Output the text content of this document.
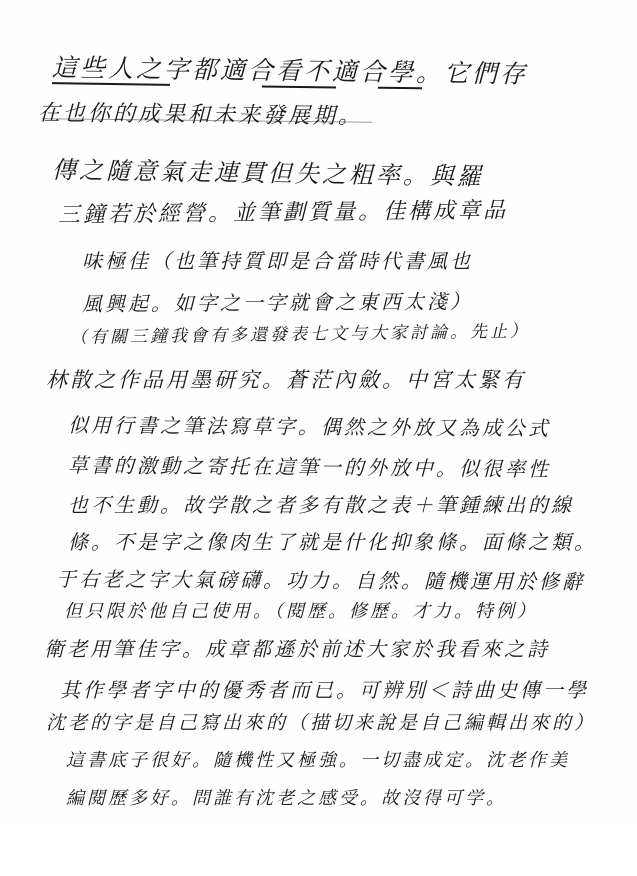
這些人之字都適合看不適合學。它們存
在也你的成果和未来發展期。
傳之隨意氣走連貫但失之粗率。與羅
三鐘若於經營。並筆劃質量。佳構成章品
味極佳（也筆持質即是合當時代書風也
風興起。如字之一字就會之東西太淺）
（有關三鐘我會有多還發表七文与大家討論。先止）
林散之作品用墨研究。蒼茫內斂。中宮太緊有
似用行書之筆法寫草字。偶然之外放又為成公式
草書的激動之寄托在這筆一的外放中。似很率性
也不生動。故学散之者多有散之表＋筆鍾練出的線
條。不是字之像肉生了就是什化抑象條。面條之類。
于右老之字大氣磅礴。功力。自然。隨機運用於修辭
但只限於他自己使用。（閱歷。修歷。才力。特例）
衛老用筆佳字。成章都遜於前述大家於我看來之詩
其作學者字中的優秀者而已。可辨別＜詩曲史傳一學
沈老的字是自己寫出來的（描切来說是自己編輯出來的）
這書底子很好。隨機性又極強。一切盡成定。沈老作美
編閱歷多好。問誰有沈老之感受。故沒得可学。
